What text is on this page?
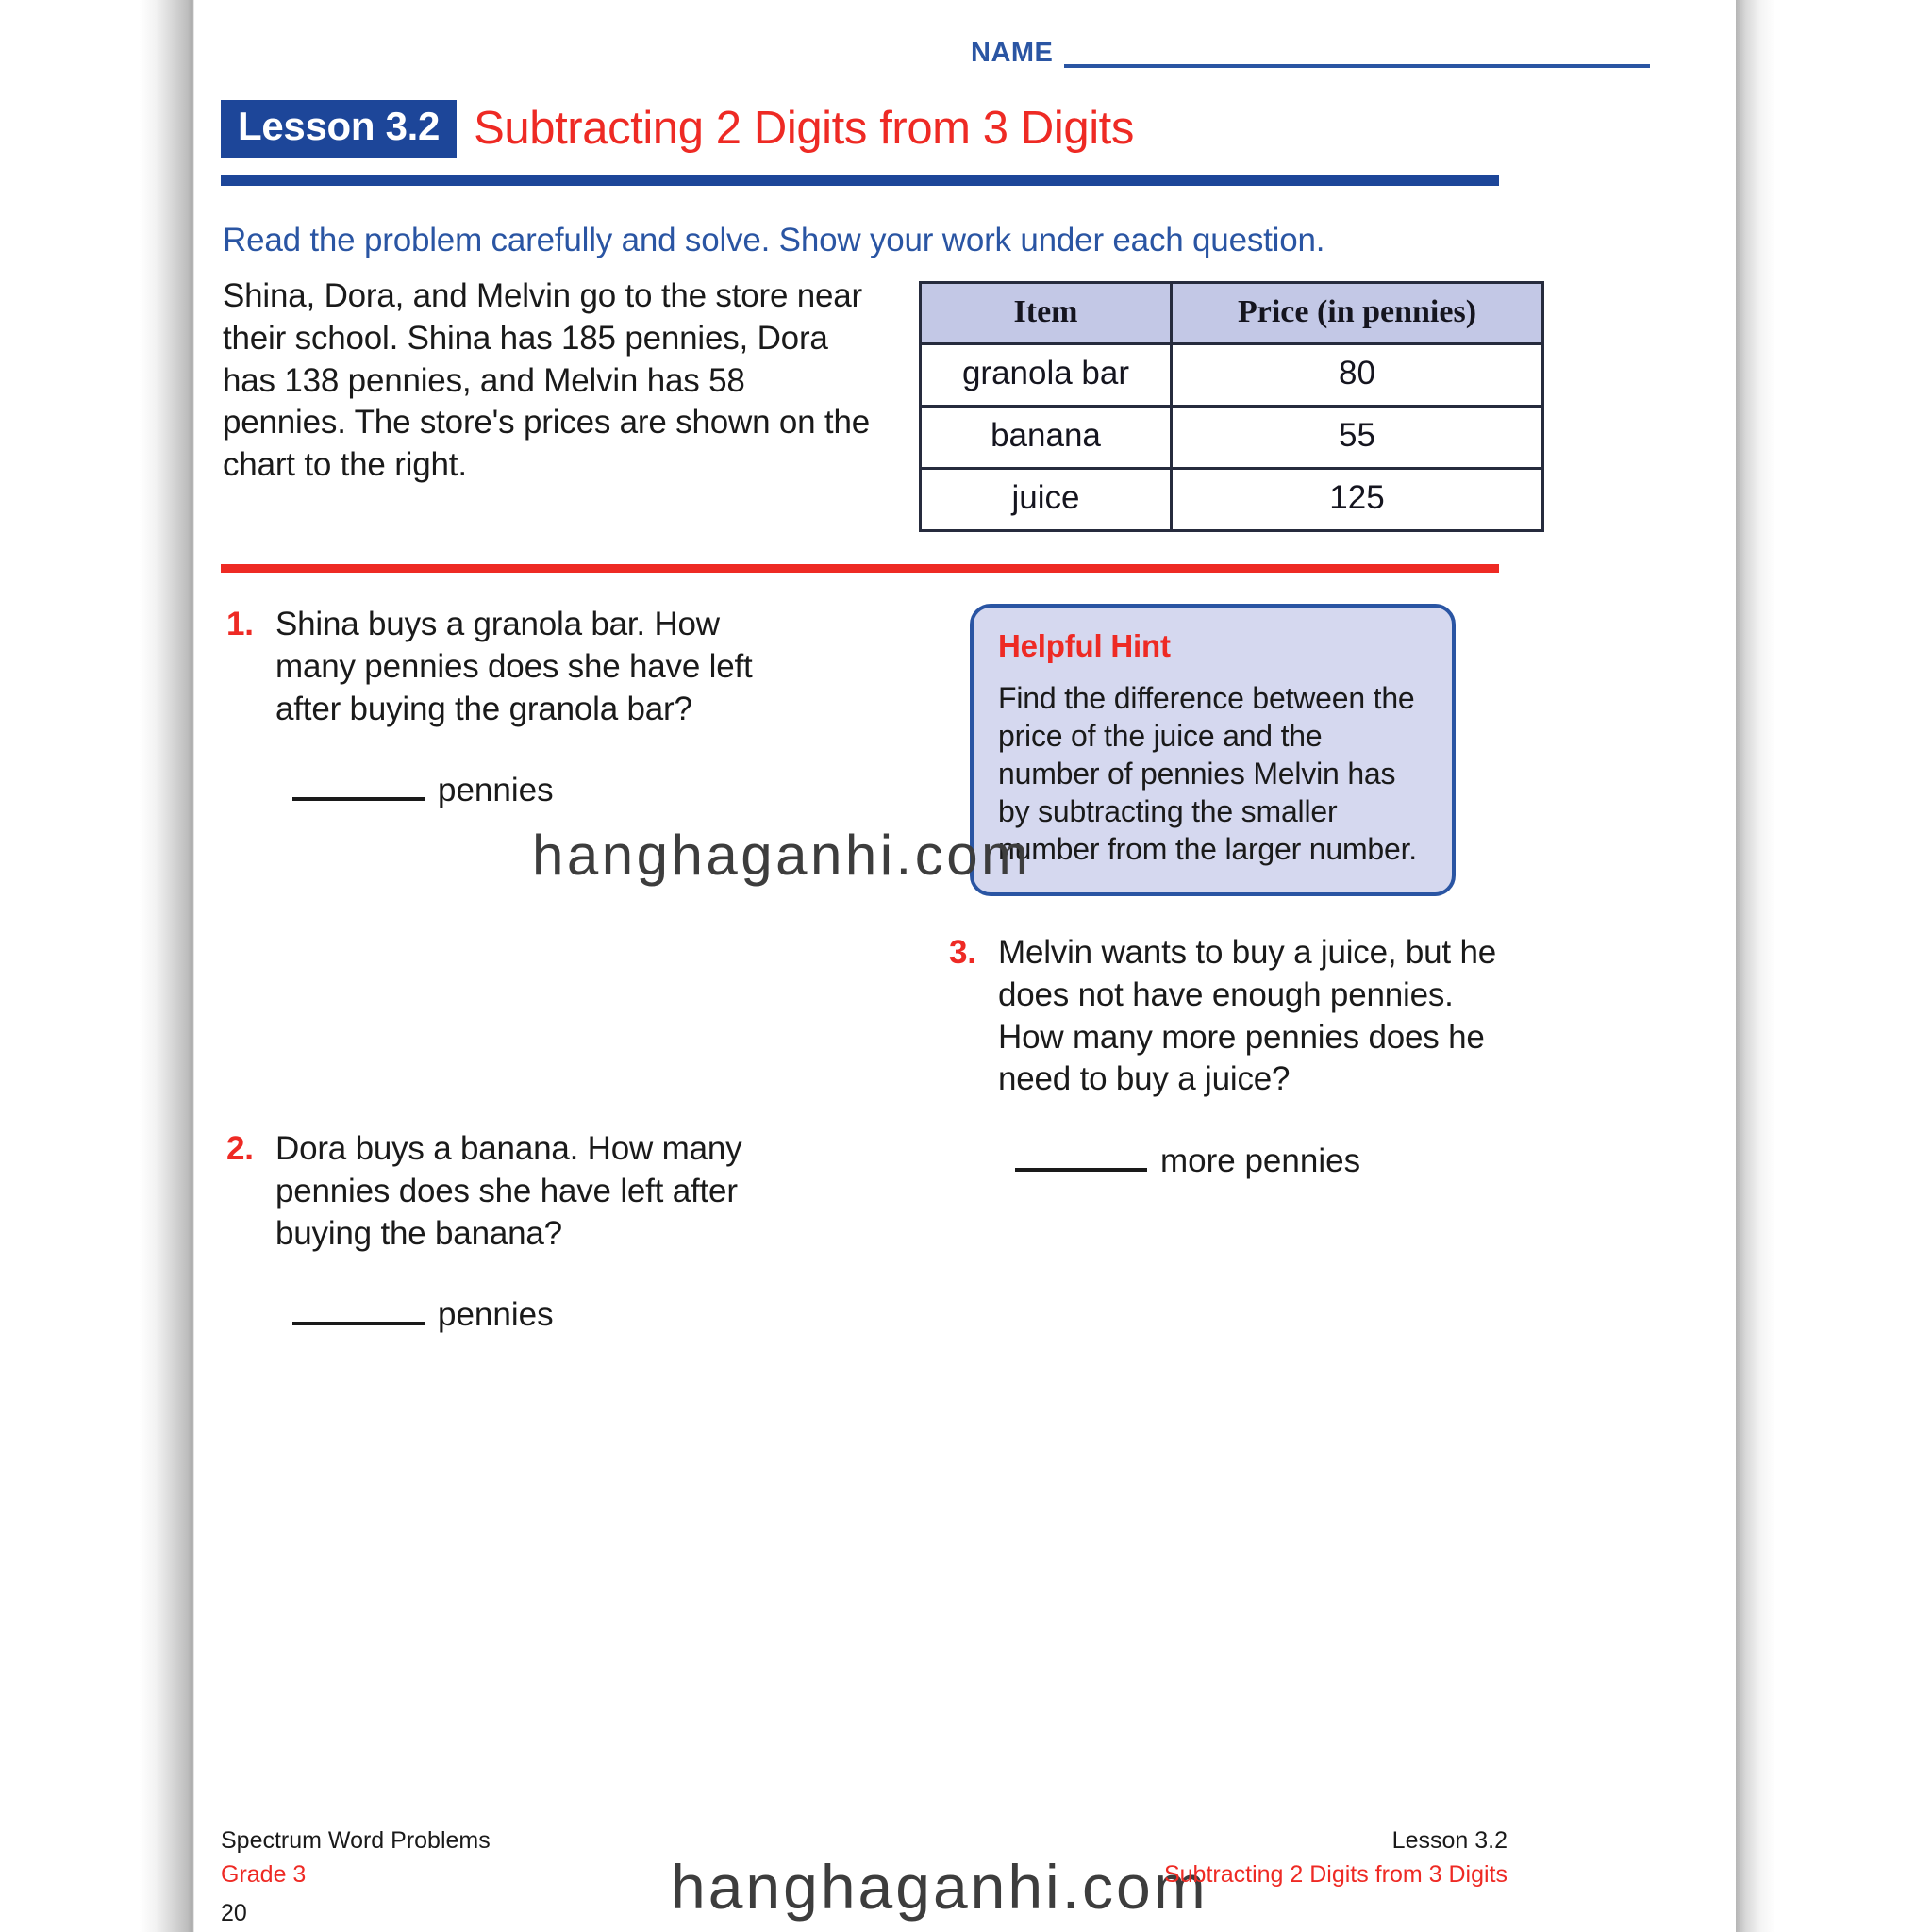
NAME
Lesson 3.2 Subtracting 2 Digits from 3 Digits
Read the problem carefully and solve. Show your work under each question.
Shina, Dora, and Melvin go to the store near their school. Shina has 185 pennies, Dora has 138 pennies, and Melvin has 58 pennies. The store's prices are shown on the chart to the right.
Item	Price (in pennies)
granola bar	80
banana	55
juice	125
1. Shina buys a granola bar. How many pennies does she have left after buying the granola bar?
pennies
2. Dora buys a banana. How many pennies does she have left after buying the banana?
pennies
3. Melvin wants to buy a juice, but he does not have enough pennies. How many more pennies does he need to buy a juice?
more pennies
Helpful Hint
Find the difference between the price of the juice and the number of pennies Melvin has by subtracting the smaller number from the larger number.
hanghaganhi.com
hanghaganhi.com
Spectrum Word Problems
Grade 3
20
Lesson 3.2
Subtracting 2 Digits from 3 Digits
